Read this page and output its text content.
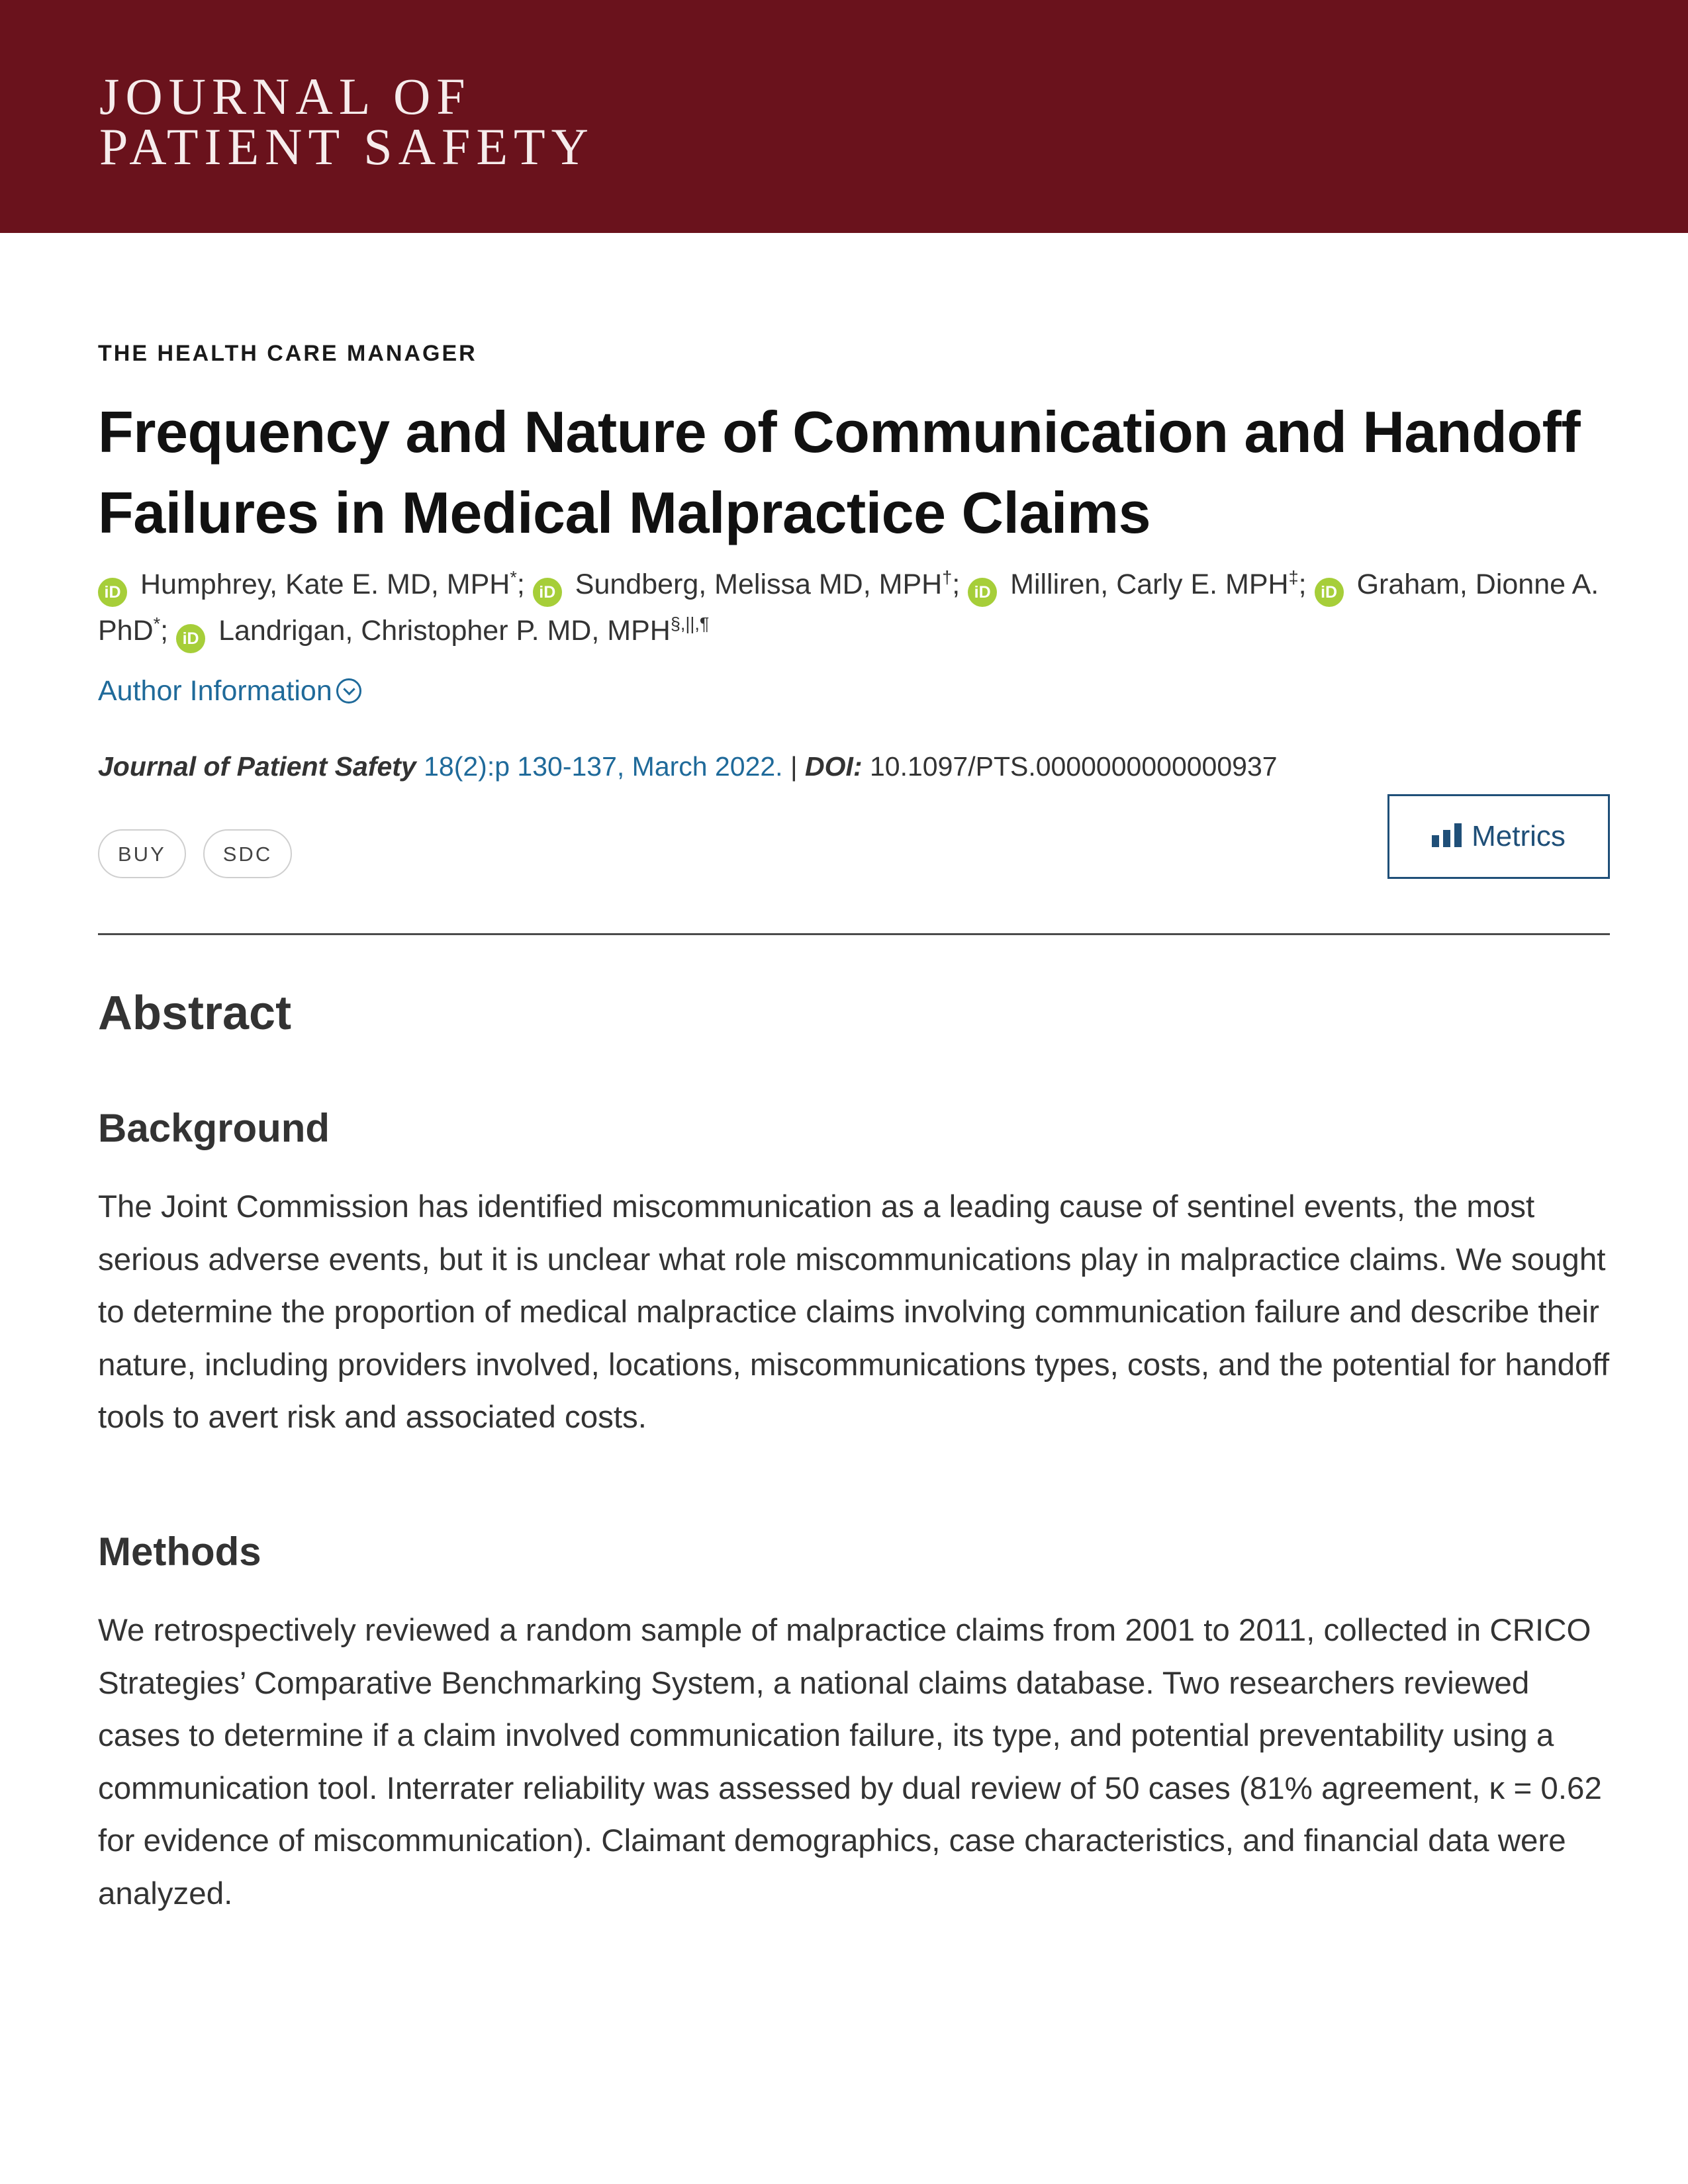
JOURNAL OF
PATIENT SAFETY
THE HEALTH CARE MANAGER
Frequency and Nature of Communication and Handoff Failures in Medical Malpractice Claims
iD Humphrey, Kate E. MD, MPH*; iD Sundberg, Melissa MD, MPH†; iD Milliren, Carly E. MPH‡; iD Graham, Dionne A. PhD*; iD Landrigan, Christopher P. MD, MPH§,||,¶
Author Information
Journal of Patient Safety 18(2):p 130-137, March 2022. | DOI: 10.1097/PTS.0000000000000937
BUY	SDC
Metrics
Abstract
Background

The Joint Commission has identified miscommunication as a leading cause of sentinel events, the most serious adverse events, but it is unclear what role miscommunications play in malpractice claims. We sought to determine the proportion of medical malpractice claims involving communication failure and describe their nature, including providers involved, locations, miscommunications types, costs, and the potential for handoff tools to avert risk and associated costs.

Methods

We retrospectively reviewed a random sample of malpractice claims from 2001 to 2011, collected in CRICO Strategies’ Comparative Benchmarking System, a national claims database. Two researchers reviewed cases to determine if a claim involved communication failure, its type, and potential preventability using a communication tool. Interrater reliability was assessed by dual review of 50 cases (81% agreement, κ = 0.62 for evidence of miscommunication). Claimant demographics, case characteristics, and financial data were analyzed.
